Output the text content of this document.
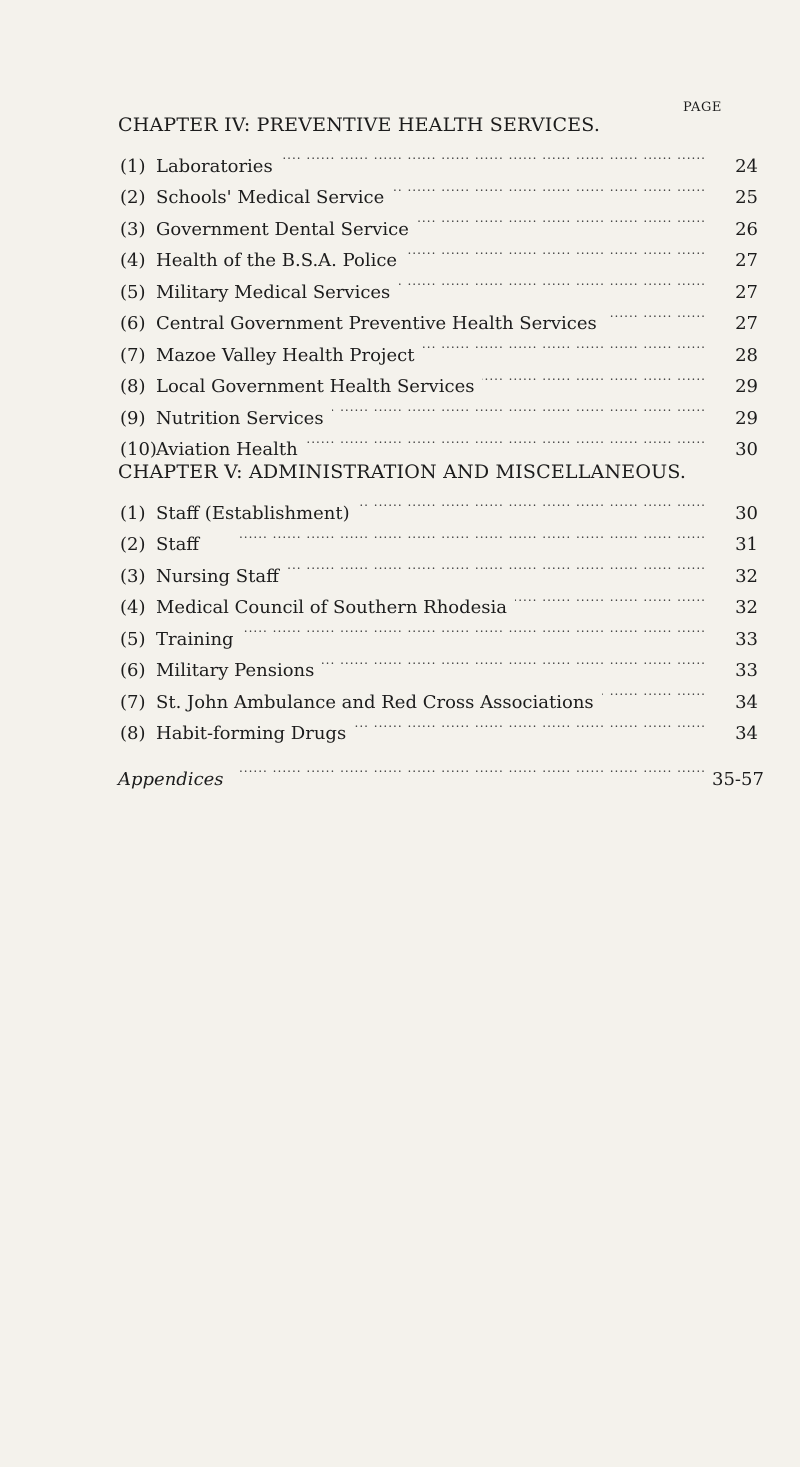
PAGE
CHAPTER IV: PREVENTIVE HEALTH SERVICES.
(1) Laboratories .....	24
(2) Schools' Medical Service .....	25
(3) Government Dental Service .....	26
(4) Health of the B.S.A. Police .....	27
(5) Military Medical Services .....	27
(6) Central Government Preventive Health Services .....	27
(7) Mazoe Valley Health Project .....	28
(8) Local Government Health Services .....	29
(9) Nutrition Services .....	29
(10) Aviation Health .....	30
CHAPTER V: ADMINISTRATION AND MISCELLANEOUS.
(1) Staff (Establishment) .....	30
(2) Staff .....	31
(3) Nursing Staff .....	32
(4) Medical Council of Southern Rhodesia .....	32
(5) Training .....	33
(6) Military Pensions .....	33
(7) St. John Ambulance and Red Cross Associations .....	34
(8) Habit-forming Drugs .....	34
Appendices .....	35-57
